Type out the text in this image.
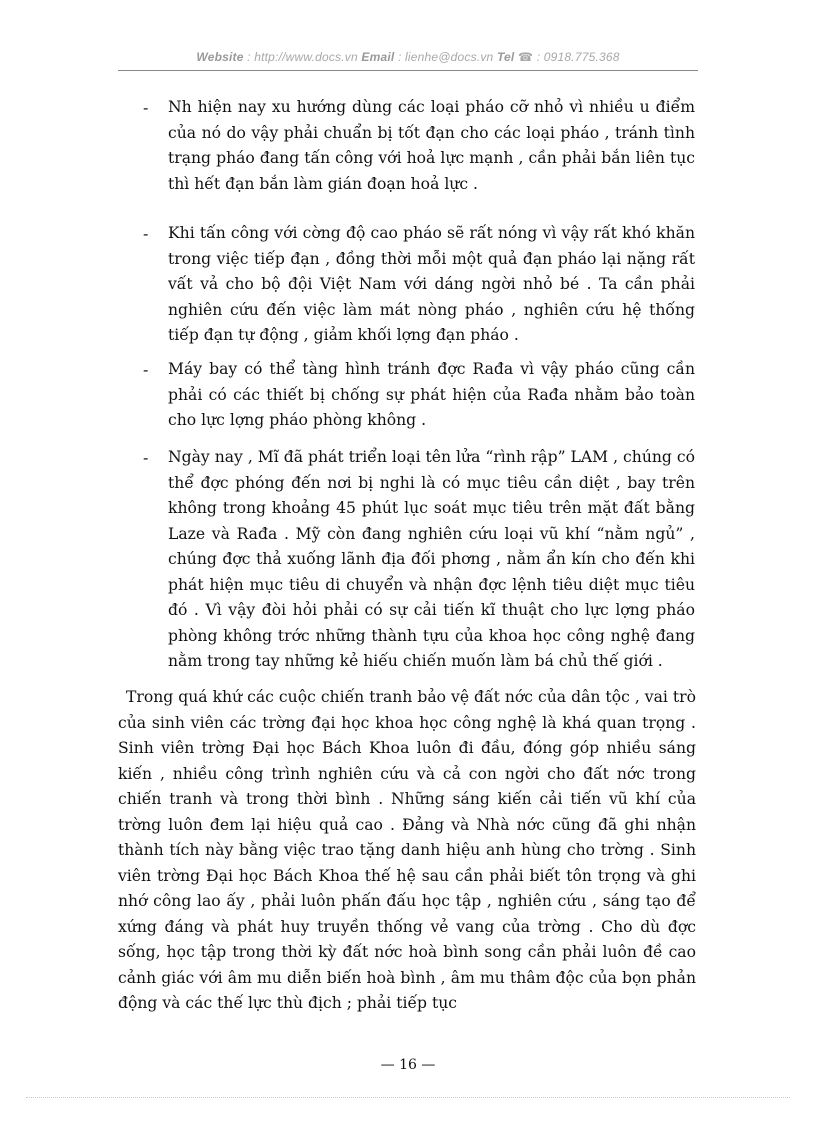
Website : http://www.docs.vn Email : lienhe@docs.vn Tel ☎ : 0918.775.368
- Nh hiện nay xu hướng dùng các loại pháo cỡ nhỏ vì nhiều u điểm của nó do vậy phải chuẩn bị tốt đạn cho các loại pháo , tránh tình trạng pháo đang tấn công với hoả lực mạnh , cần phải bắn liên tục thì hết đạn bắn làm gián đoạn hoả lực .
- Khi tấn công với cờng độ cao pháo sẽ rất nóng vì vậy rất khó khăn trong việc tiếp đạn , đồng thời mỗi một quả đạn pháo lại nặng rất vất vả cho bộ đội Việt Nam với dáng ngời nhỏ bé . Ta cần phải nghiên cứu đến việc làm mát nòng pháo , nghiên cứu hệ thống tiếp đạn tự động , giảm khối lợng đạn pháo .
- Máy bay có thể tàng hình tránh đợc Rađa vì vậy pháo cũng cần phải có các thiết bị chống sự phát hiện của Rađa nhằm bảo toàn cho lực lợng pháo phòng không .
- Ngày nay , Mĩ đã phát triển loại tên lửa “rình rập” LAM , chúng có thể đợc phóng đến nơi bị nghi là có mục tiêu cần diệt , bay trên không trong khoảng 45 phút lục soát mục tiêu trên mặt đất bằng Laze và Rađa . Mỹ còn đang nghiên cứu loại vũ khí “nằm ngủ” , chúng đợc thả xuống lãnh địa đối phơng , nằm ẩn kín cho đến khi phát hiện mục tiêu di chuyển và nhận đợc lệnh tiêu diệt mục tiêu đó . Vì vậy đòi hỏi phải có sự cải tiến kĩ thuật cho lực lợng pháo phòng không trớc những thành tựu của khoa học công nghệ đang nằm trong tay những kẻ hiếu chiến muốn làm bá chủ thế giới .
Trong quá khứ các cuộc chiến tranh bảo vệ đất nớc của dân tộc , vai trò của sinh viên các trờng đại học khoa học công nghệ là khá quan trọng . Sinh viên trờng Đại học Bách Khoa luôn đi đầu, đóng góp nhiều sáng kiến , nhiều công trình nghiên cứu và cả con ngời cho đất nớc trong chiến tranh và trong thời bình . Những sáng kiến cải tiến vũ khí của trờng luôn đem lại hiệu quả cao . Đảng và Nhà nớc cũng đã ghi nhận thành tích này bằng việc trao tặng danh hiệu anh hùng cho trờng . Sinh viên trờng Đại học Bách Khoa thế hệ sau cần phải biết tôn trọng và ghi nhớ công lao ấy , phải luôn phấn đấu học tập , nghiên cứu , sáng tạo để xứng đáng và phát huy truyền thống vẻ vang của trờng . Cho dù đợc sống, học tập trong thời kỳ đất nớc hoà bình song cần phải luôn đề cao cảnh giác với âm mu diễn biến hoà bình , âm mu thâm độc của bọn phản động và các thế lực thù địch ; phải tiếp tục
— 16 —
